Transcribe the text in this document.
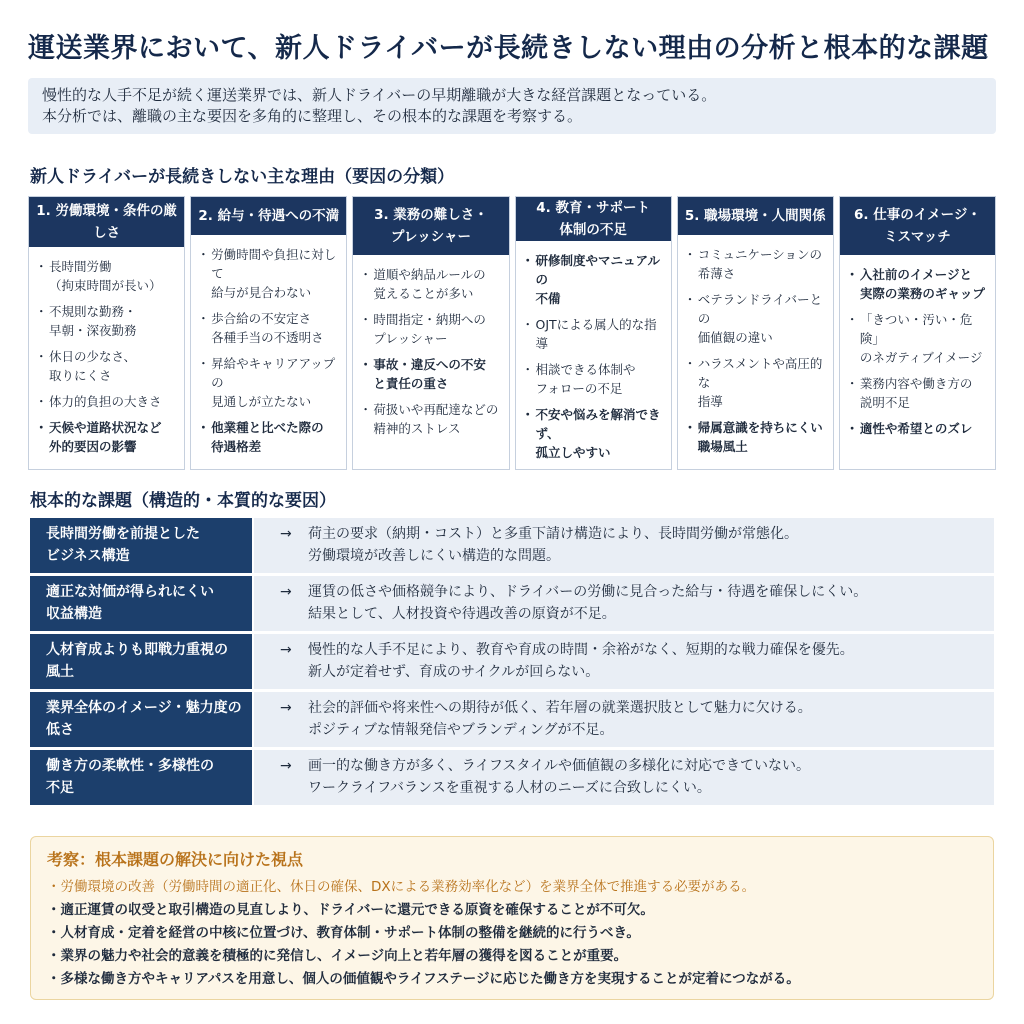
運送業界において、新人ドライバーが長続きしない理由の分析と根本的な課題
慢性的な人手不足が続く運送業界では、新人ドライバーの早期離職が大きな経営課題となっている。
本分析では、離職の主な要因を多角的に整理し、その根本的な課題を考察する。
新人ドライバーが長続きしない主な理由（要因の分類）
1. 労働環境・条件の厳しさ
・ 長時間労働
（拘束時間が長い）
・ 不規則な勤務・
早朝・深夜勤務
・ 休日の少なさ、
取りにくさ
・ 体力的負担の大きさ
・ 天候や道路状況など
外的要因の影響
2. 給与・待遇への不満
・ 労働時間や負担に対して
給与が見合わない
・ 歩合給の不安定さ
各種手当の不透明さ
・ 昇給やキャリアアップの
見通しが立たない
・ 他業種と比べた際の
待遇格差
3. 業務の難しさ・
プレッシャー
・ 道順や納品ルールの
覚えることが多い
・ 時間指定・納期への
プレッシャー
・ 事故・違反への不安
と責任の重さ
・ 荷扱いや再配達などの
精神的ストレス
4. 教育・サポート
体制の不足
・ 研修制度やマニュアルの
不備
・ OJTによる属人的な指導
・ 相談できる体制や
フォローの不足
・ 不安や悩みを解消できず、
孤立しやすい
5. 職場環境・人間関係
・ コミュニケーションの
希薄さ
・ ベテランドライバーとの
価値観の違い
・ ハラスメントや高圧的な
指導
・ 帰属意識を持ちにくい
職場風土
6. 仕事のイメージ・
ミスマッチ
・ 入社前のイメージと
実際の業務のギャップ
・ 「きつい・汚い・危険」
のネガティブイメージ
・ 業務内容や働き方の
説明不足
・ 適性や希望とのズレ
根本的な課題（構造的・本質的な要因）
長時間労働を前提とした
ビジネス構造
→	荷主の要求（納期・コスト）と多重下請け構造により、長時間労働が常態化。
労働環境が改善しにくい構造的な問題。
適正な対価が得られにくい
収益構造
→	運賃の低さや価格競争により、ドライバーの労働に見合った給与・待遇を確保しにくい。
結果として、人材投資や待遇改善の原資が不足。
人材育成よりも即戦力重視の
風土
→	慢性的な人手不足により、教育や育成の時間・余裕がなく、短期的な戦力確保を優先。
新人が定着せず、育成のサイクルが回らない。
業界全体のイメージ・魅力度の
低さ
→	社会的評価や将来性への期待が低く、若年層の就業選択肢として魅力に欠ける。
ポジティブな情報発信やブランディングが不足。
働き方の柔軟性・多様性の
不足
→	画一的な働き方が多く、ライフスタイルや価値観の多様化に対応できていない。
ワークライフバランスを重視する人材のニーズに合致しにくい。
考察：根本課題の解決に向けた視点
・労働環境の改善（労働時間の適正化、休日の確保、DXによる業務効率化など）を業界全体で推進する必要がある。
・適正運賃の収受と取引構造の見直しより、ドライバーに還元できる原資を確保することが不可欠。
・人材育成・定着を経営の中核に位置づけ、教育体制・サポート体制の整備を継続的に行うべき。
・業界の魅力や社会的意義を積極的に発信し、イメージ向上と若年層の獲得を図ることが重要。
・多様な働き方やキャリアパスを用意し、個人の価値観やライフステージに応じた働き方を実現することが定着につながる。
